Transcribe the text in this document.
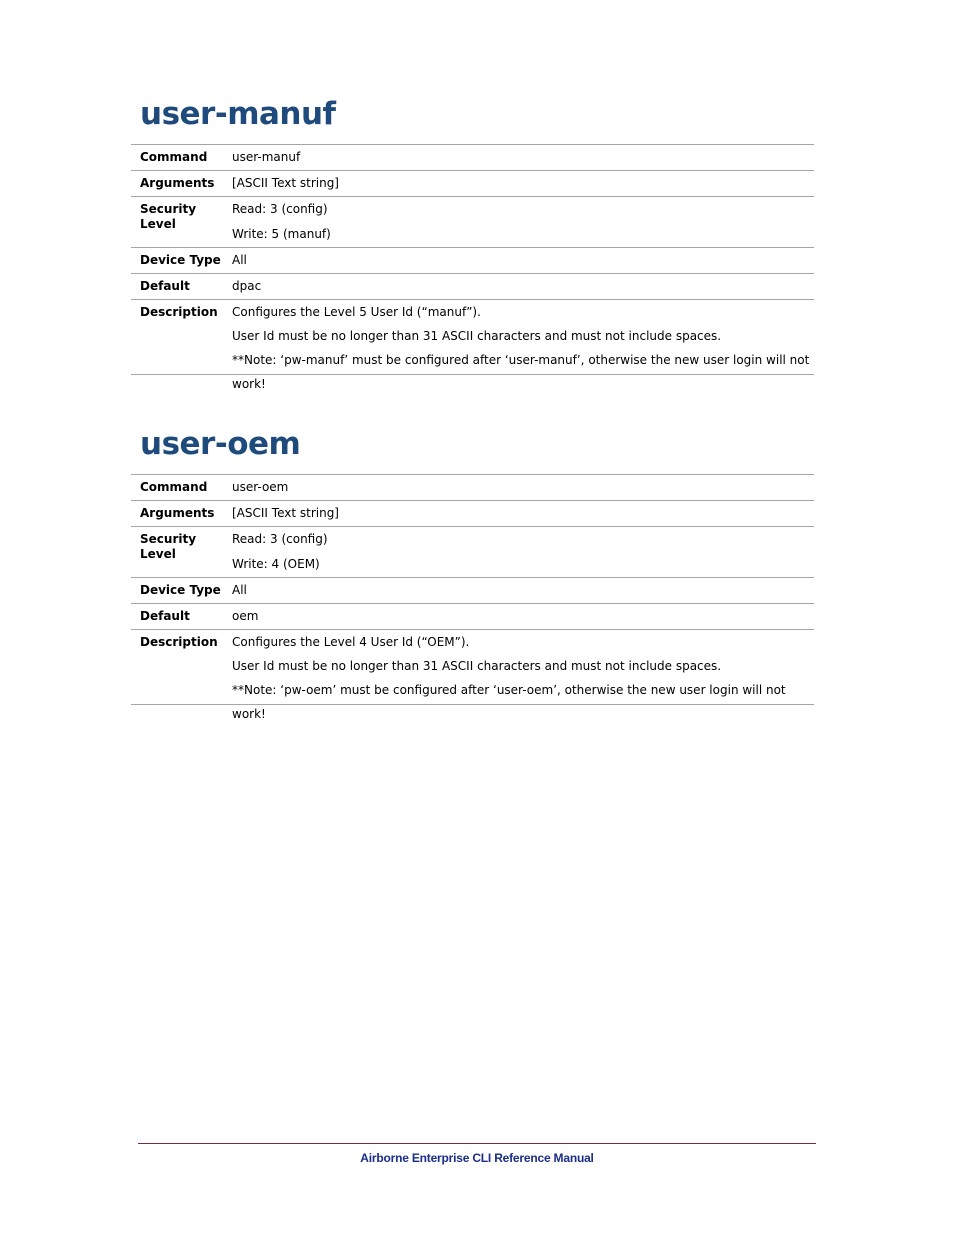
user-manuf
Command	user-manuf

Arguments	[ASCII Text string]

Security Level	Read: 3 (config)
Write: 5 (manuf)

Device Type	All

Default	dpac

Description	Configures the Level 5 User Id (“manuf”).
User Id must be no longer than 31 ASCII characters and must not include spaces.
**Note: ‘pw-manuf’ must be configured after ‘user-manuf’, otherwise the new user login will not work!
user-oem
Command	user-oem

Arguments	[ASCII Text string]

Security Level	Read: 3 (config)
Write: 4 (OEM)

Device Type	All

Default	oem

Description	Configures the Level 4 User Id (“OEM”).
User Id must be no longer than 31 ASCII characters and must not include spaces.
**Note: ‘pw-oem’ must be configured after ‘user-oem’, otherwise the new user login will not work!
Airborne Enterprise CLI Reference Manual
